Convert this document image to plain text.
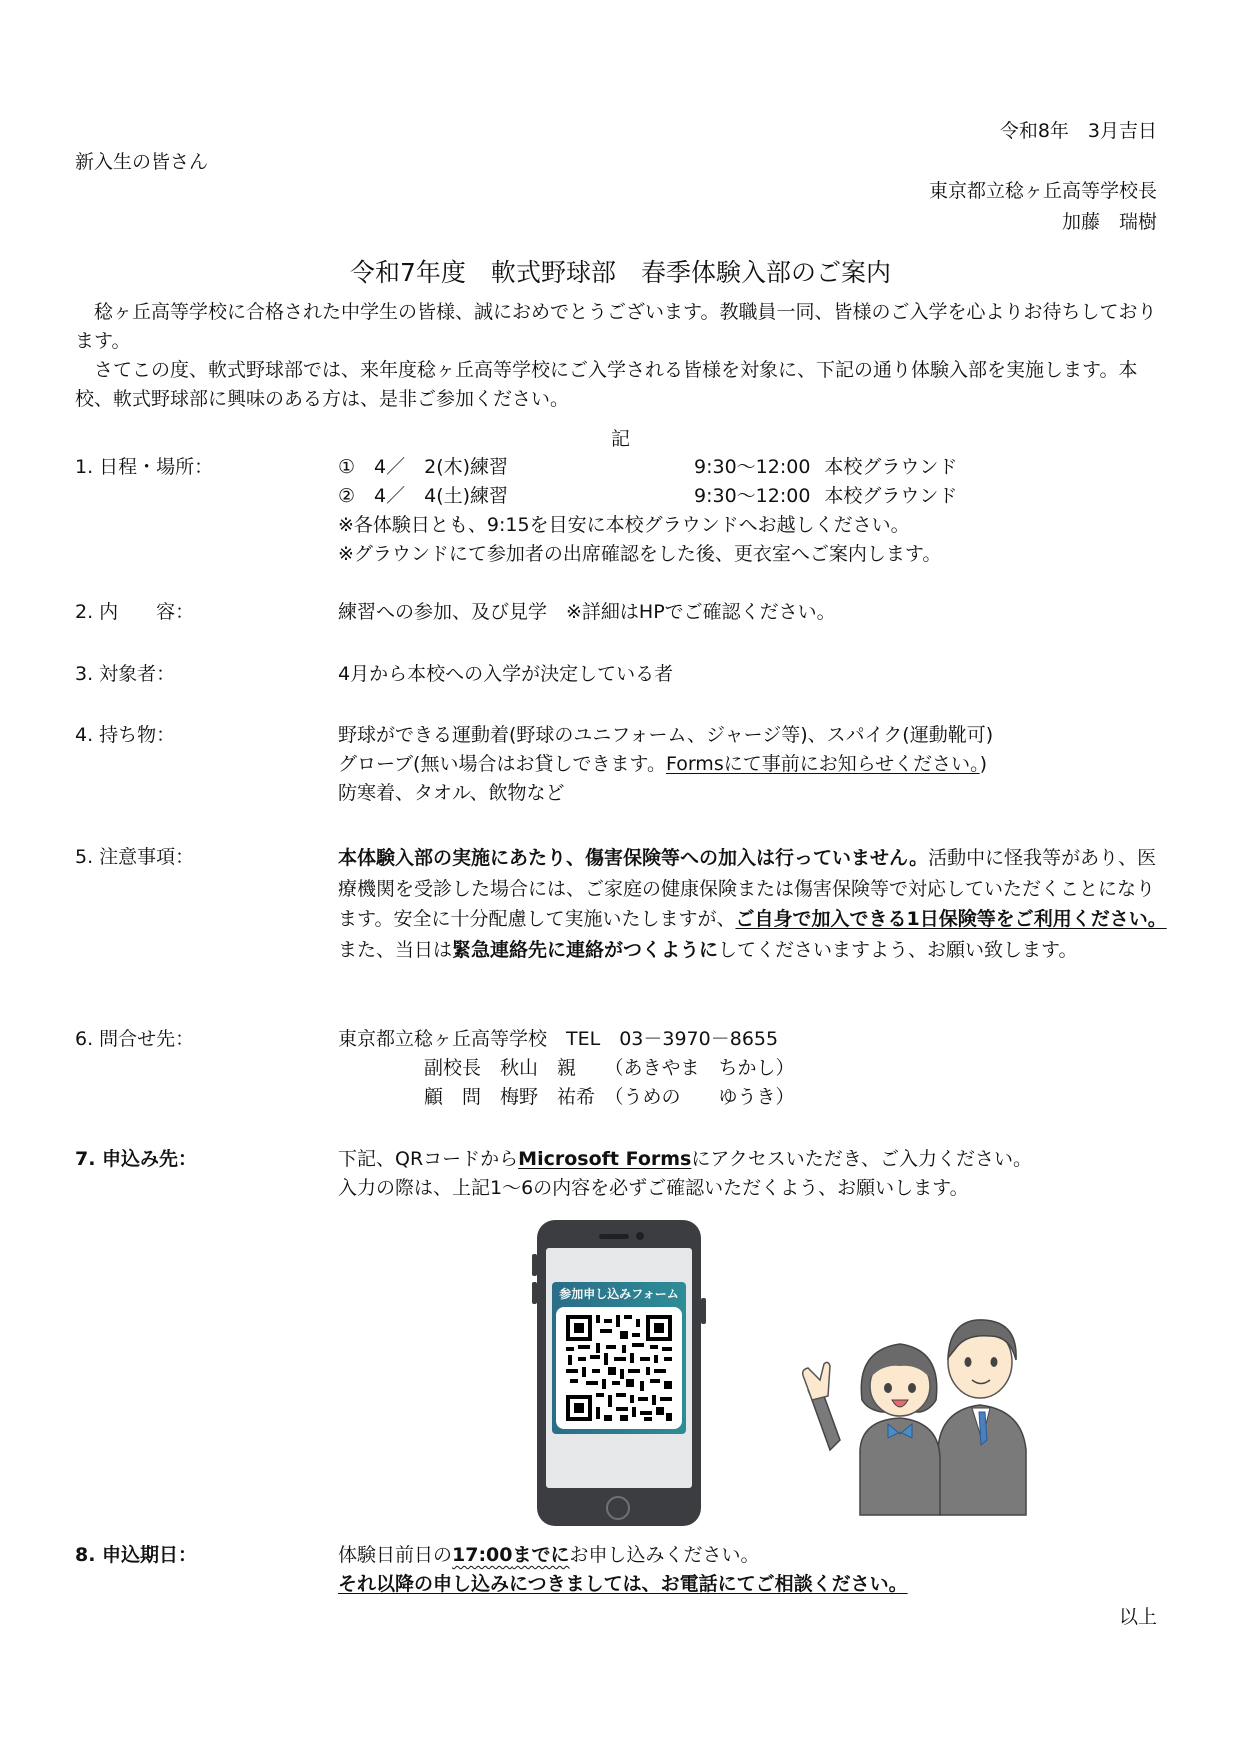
令和8年　3月吉日
新入生の皆さん
東京都立稔ヶ丘高等学校長
加藤　瑞樹
令和7年度　軟式野球部　春季体験入部のご案内

稔ヶ丘高等学校に合格された中学生の皆様、誠におめでとうございます。教職員一同、皆様のご入学を心よりお待ちしております。

さてこの度、軟式野球部では、来年度稔ヶ丘高等学校にご入学される皆様を対象に、下記の通り体験入部を実施します。本校、軟式野球部に興味のある方は、是非ご参加ください。

記
1. 日程・場所：	①　4／　2(木)練習	9:30～12:00 本校グラウンド
②　4／　4(土)練習	9:30～12:00 本校グラウンド
※各体験日とも、9:15を目安に本校グラウンドへお越しください。
※グラウンドにて参加者の出席確認をした後、更衣室へご案内します。
2. 内　　容：	練習への参加、及び見学　※詳細はHPでご確認ください。
3. 対象者：	4月から本校への入学が決定している者
4. 持ち物：	野球ができる運動着(野球のユニフォーム、ジャージ等)、スパイク(運動靴可)
グローブ(無い場合はお貸しできます。Formsにて事前にお知らせください。)
防寒着、タオル、飲物など
5. 注意事項：	本体験入部の実施にあたり、傷害保険等への加入は行っていません。活動中に怪我等があり、医療機関を受診した場合には、ご家庭の健康保険または傷害保険等で対応していただくことになります。安全に十分配慮して実施いたしますが、ご自身で加入できる1日保険等をご利用ください。また、当日は緊急連絡先に連絡がつくようにしてくださいますよう、お願い致します。
6. 問合せ先：	東京都立稔ヶ丘高等学校　TEL　03－3970－8655
副校長　秋山　親　　（あきやま　ちかし）
顧　問　梅野　祐希　（うめの　　ゆうき）
7. 申込み先：	下記、QRコードからMicrosoft Formsにアクセスいただき、ご入力ください。
入力の際は、上記1～6の内容を必ずご確認いただくよう、お願いします。
参加申し込みフォーム
8. 申込期日：	体験日前日の17:00までにお申し込みください。
それ以降の申し込みにつきましては、お電話にてご相談ください。
以上
